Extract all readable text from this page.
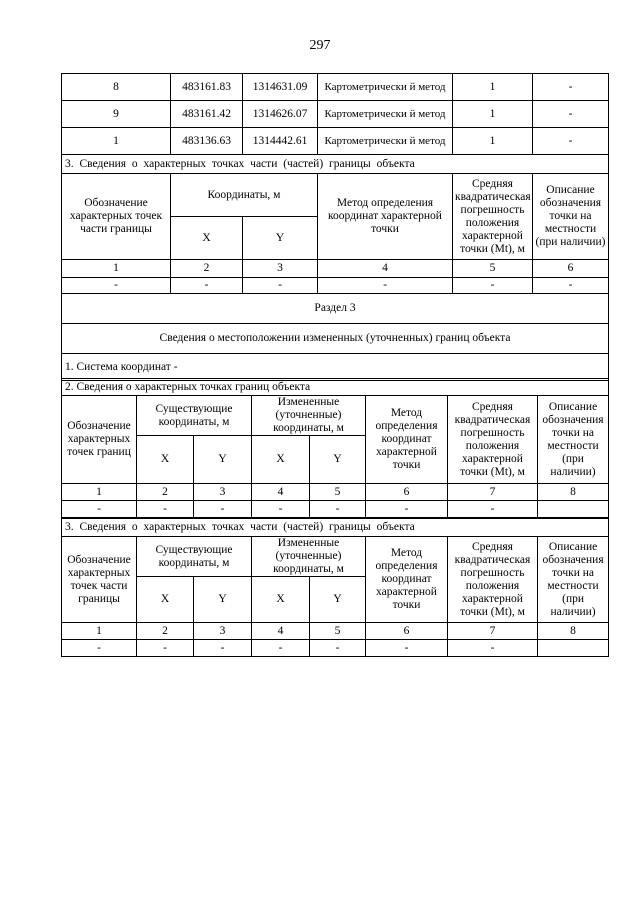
297
8	483161.83	1314631.09	Картометрически й метод	1	-
9	483161.42	1314626.07	Картометрически й метод	1	-
1	483136.63	1314442.61	Картометрически й метод	1	-
3. Сведения о характерных точках части (частей) границы объекта					
Обозначение характерных точек части границы	Координаты, м		Метод определения координат характерной точки	Средняя квадратическая погрешность положения характерной точки (Mt), м	Описание обозначения точки на местности (при наличии)
	X	Y			
1	2	3	4	5	6
-	-	-	-	-	-
Раздел 3					
Сведения о местоположении измененных (уточненных) границ объекта					
1. Система координат -					
2. Сведения о характерных точках границ объекта							
Обозначение характерных точек границ	Существующие координаты, м		Измененные (уточненные) координаты, м		Метод определения координат характерной точки	Средняя квадратическая погрешность положения характерной точки (Mt), м	Описание обозначения точки на местности (при наличии)
	X	Y	X	Y			
1	2	3	4	5	6	7	8
-	-	-	-	-	-	-	
3. Сведения о характерных точках части (частей) границы объекта							
Обозначение характерных точек части границы	Существующие координаты, м		Измененные (уточненные) координаты, м		Метод определения координат характерной точки	Средняя квадратическая погрешность положения характерной точки (Mt), м	Описание обозначения точки на местности (при наличии)
	X	Y	X	Y			
1	2	3	4	5	6	7	8
-	-	-	-	-	-	-	
